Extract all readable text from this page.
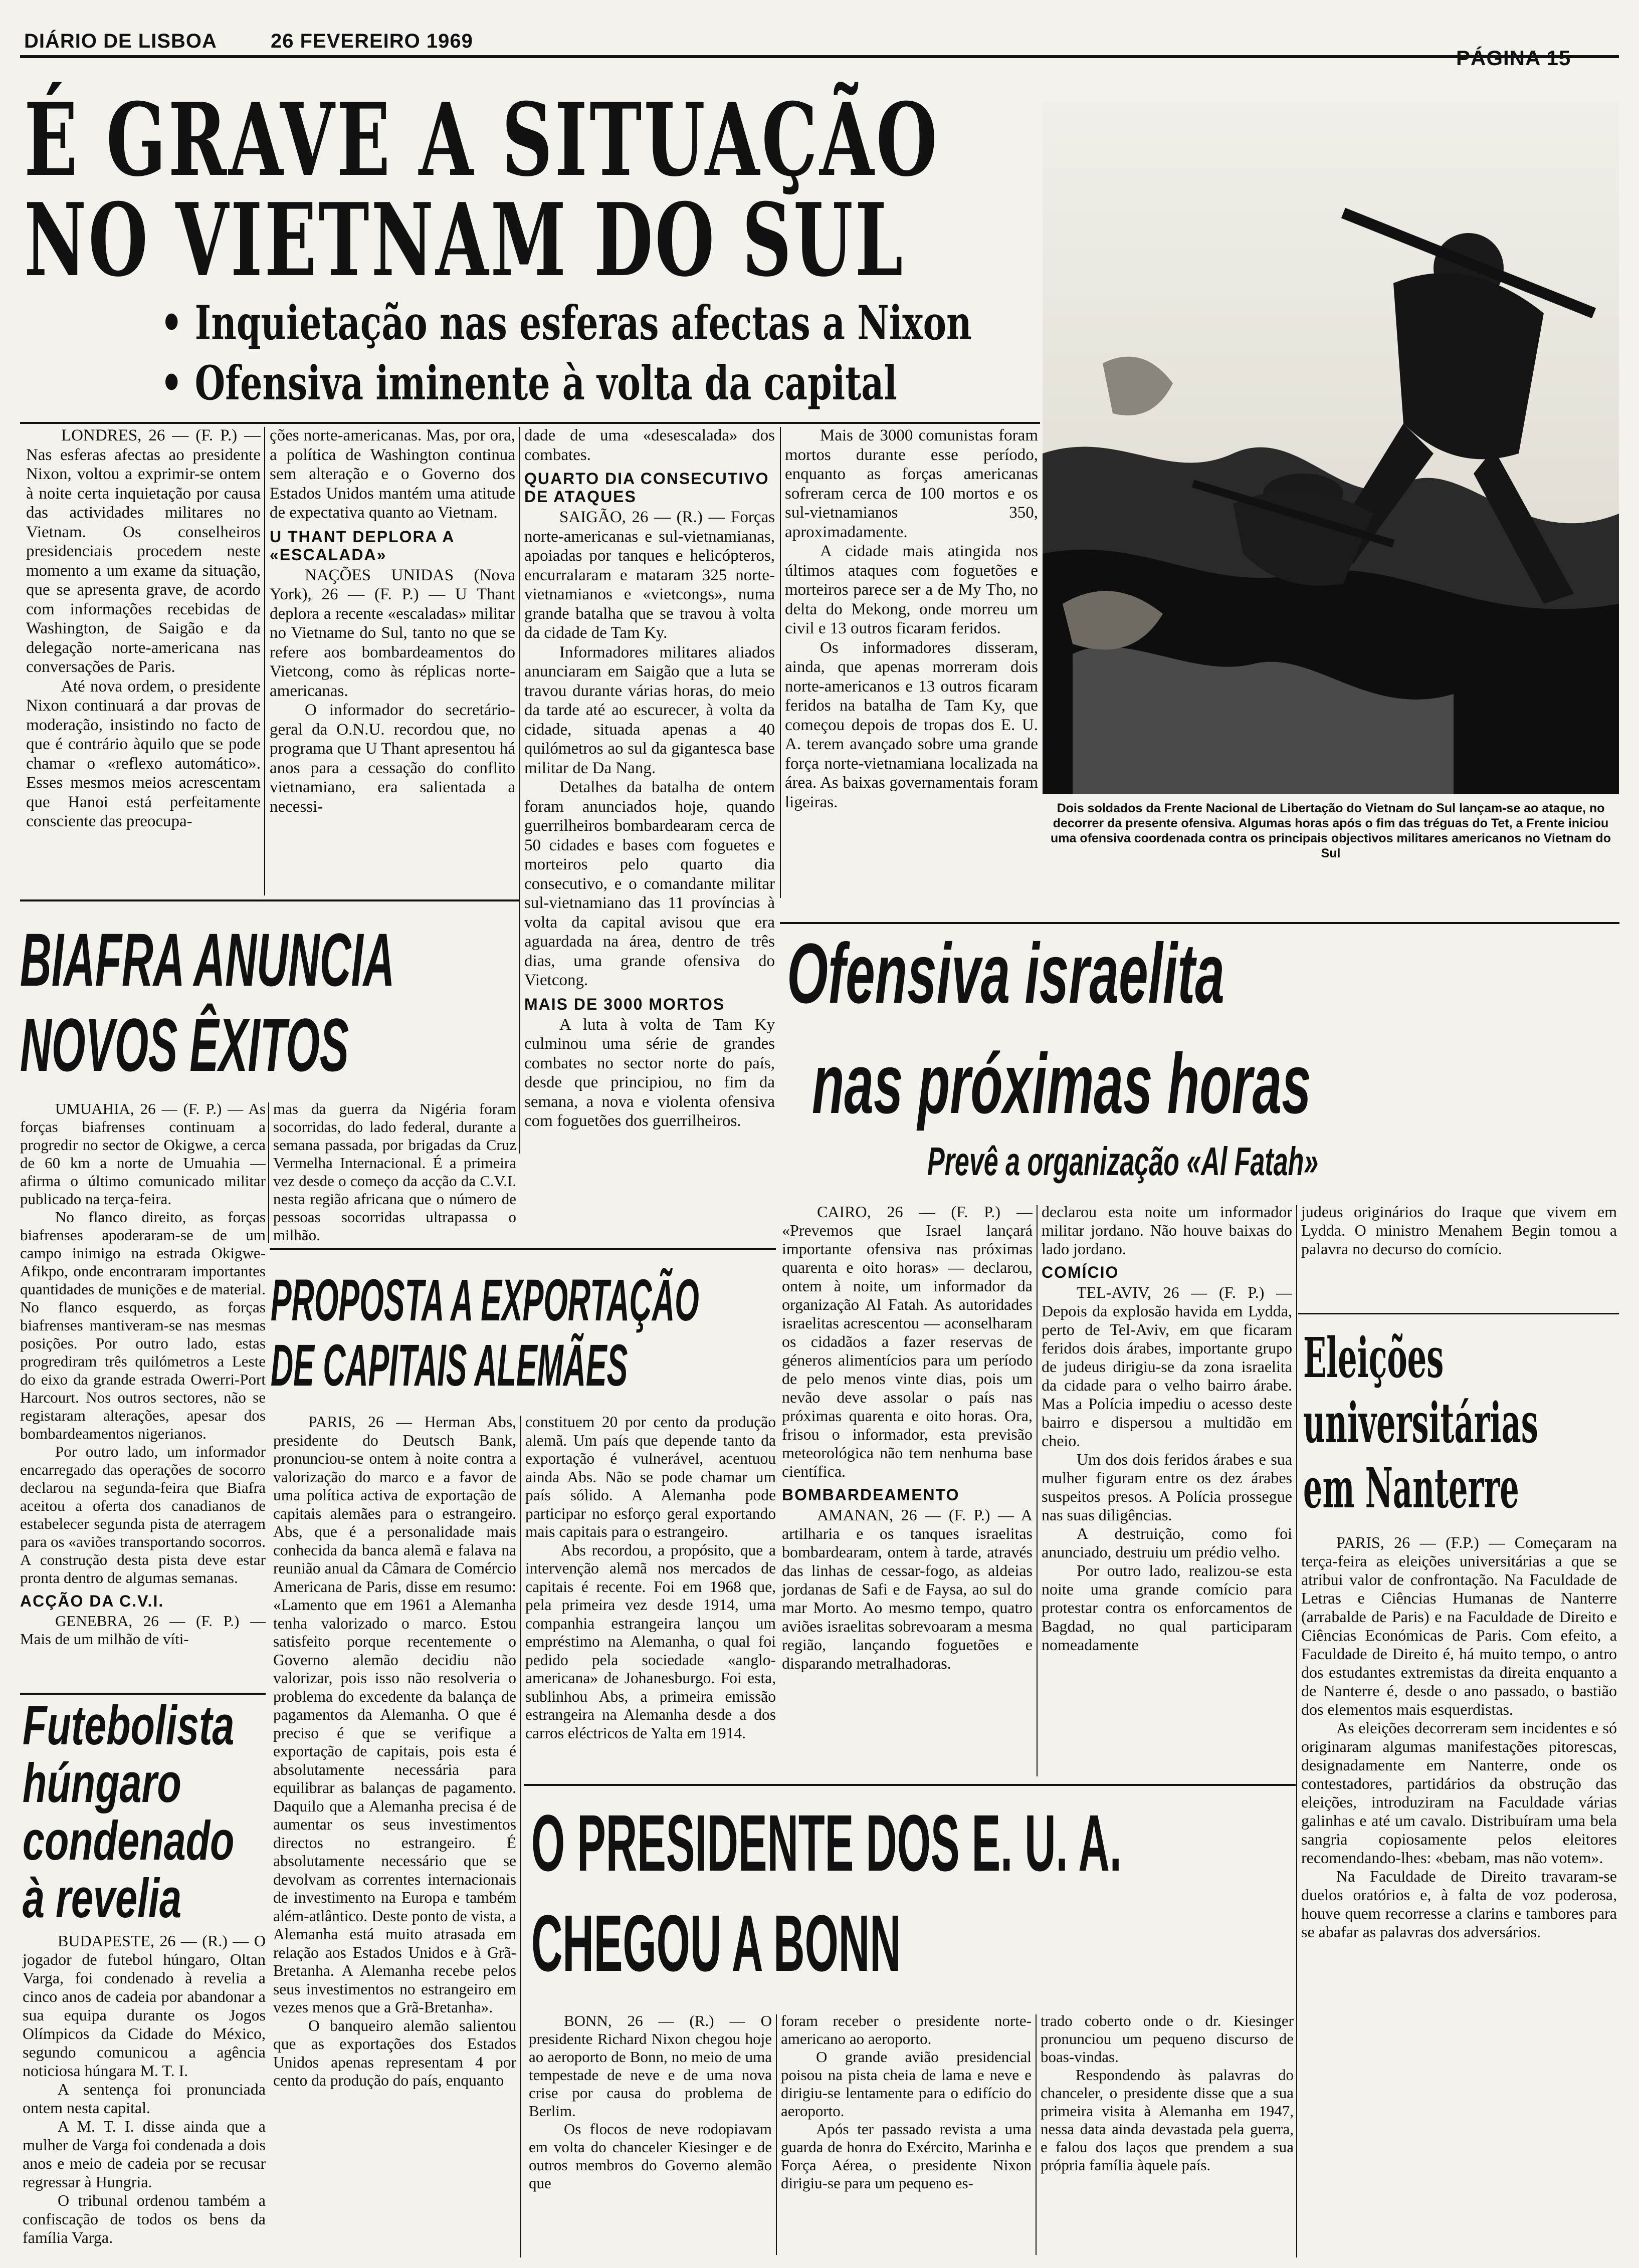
DIÁRIO DE LISBOA	26 FEVEREIRO 1969
É GRAVE A SITUAÇÃO
NO VIETNAM DO SUL
• Inquietação nas esferas afectas a Nixon
• Ofensiva iminente à volta da capital
Dois soldados da Frente Nacional de Libertação do Vietnam do Sul lançam-se ao ataque, no decorrer da presente ofensiva. Algumas horas após o fim das tréguas do Tet, a Frente iniciou uma ofensiva coordenada contra os principais objectivos militares americanos no Vietnam do Sul

LONDRES, 26 — (F. P.) — Nas esferas afectas ao presidente Nixon, voltou a exprimir-se ontem à noite certa inquietação por causa das actividades militares no Vietnam. Os conselheiros presidenciais procedem neste momento a um exame da situação, que se apresenta grave, de acordo com informações recebidas de Washington, de Saigão e da delegação norte-americana nas conversações de Paris.

Até nova ordem, o presidente Nixon continuará a dar provas de moderação, insistindo no facto de que é contrário àquilo que se pode chamar o «reflexo automático». Esses mesmos meios acrescentam que Hanoi está perfeitamente consciente das preocupa-

ções norte-americanas. Mas, por ora, a política de Washington continua sem alteração e o Governo dos Estados Unidos mantém uma atitude de expectativa quanto ao Vietnam.

U THANT DEPLORA A «ESCALADA»

NAÇÕES UNIDAS (Nova York), 26 — (F. P.) — U Thant deplora a recente «escaladas» militar no Vietname do Sul, tanto no que se refere aos bombardeamentos do Vietcong, como às réplicas norte-americanas.

O informador do secretário-geral da O.N.U. recordou que, no programa que U Thant apresentou há anos para a cessação do conflito vietnamiano, era salientada a necessi-

dade de uma «desescalada» dos combates.

QUARTO DIA CONSECUTIVO DE ATAQUES

SAIGÃO, 26 — (R.) — Forças norte-americanas e sul-vietnamianas, apoiadas por tanques e helicópteros, encurralaram e mataram 325 norte-vietnamianos e «vietcongs», numa grande batalha que se travou à volta da cidade de Tam Ky.

Informadores militares aliados anunciaram em Saigão que a luta se travou durante várias horas, do meio da tarde até ao escurecer, à volta da cidade, situada apenas a 40 quilómetros ao sul da gigantesca base militar de Da Nang.

Detalhes da batalha de ontem foram anunciados hoje, quando guerrilheiros bombardearam cerca de 50 cidades e bases com foguetes e morteiros pelo quarto dia consecutivo, e o comandante militar sul-vietnamiano das 11 províncias à volta da capital avisou que era aguardada na área, dentro de três dias, uma grande ofensiva do Vietcong.

MAIS DE 3000 MORTOS

A luta à volta de Tam Ky culminou uma série de grandes combates no sector norte do país, desde que principiou, no fim da semana, a nova e violenta ofensiva com foguetões dos guerrilheiros.

Mais de 3000 comunistas foram mortos durante esse período, enquanto as forças americanas sofreram cerca de 100 mortos e os sul-vietnamianos 350, aproximadamente.

A cidade mais atingida nos últimos ataques com foguetões e morteiros parece ser a de My Tho, no delta do Mekong, onde morreu um civil e 13 outros ficaram feridos.

Os informadores disseram, ainda, que apenas morreram dois norte-americanos e 13 outros ficaram feridos na batalha de Tam Ky, que começou depois de tropas dos E. U. A. terem avançado sobre uma grande força norte-vietnamiana localizada na área. As baixas governamentais foram ligeiras.

BIAFRA ANUNCIA
NOVOS ÊXITOS

UMUAHIA, 26 — (F. P.) — As forças biafrenses continuam a progredir no sector de Okigwe, a cerca de 60 km a norte de Umuahia — afirma o último comunicado militar publicado na terça-feira.

No flanco direito, as forças biafrenses apoderaram-se de um campo inimigo na estrada Okigwe-Afikpo, onde encontraram importantes quantidades de munições e de material. No flanco esquerdo, as forças biafrenses mantiveram-se nas mesmas posições. Por outro lado, estas progrediram três quilómetros a Leste do eixo da grande estrada Owerri-Port Harcourt. Nos outros sectores, não se registaram alterações, apesar dos bombardeamentos nigerianos.

Por outro lado, um informador encarregado das operações de socorro declarou na segunda-feira que Biafra aceitou a oferta dos canadianos de estabelecer segunda pista de aterragem para os «aviões transportando socorros. A construção desta pista deve estar pronta dentro de algumas semanas.

ACÇÃO DA C.V.I.

GENEBRA, 26 — (F. P.) — Mais de um milhão de víti-

mas da guerra da Nigéria foram socorridas, do lado federal, durante a semana passada, por brigadas da Cruz Vermelha Internacional. É a primeira vez desde o começo da acção da C.V.I. nesta região africana que o número de pessoas socorridas ultrapassa o milhão.

Futebolista
húngaro
condenado
à revelia

BUDAPESTE, 26 — (R.) — O jogador de futebol húngaro, Oltan Varga, foi condenado à revelia a cinco anos de cadeia por abandonar a sua equipa durante os Jogos Olímpicos da Cidade do México, segundo comunicou a agência noticiosa húngara M. T. I.

A sentença foi pronunciada ontem nesta capital.

A M. T. I. disse ainda que a mulher de Varga foi condenada a dois anos e meio de cadeia por se recusar regressar à Hungria.

O tribunal ordenou também a confiscação de todos os bens da família Varga.

PROPOSTA A EXPORTAÇÃO
DE CAPITAIS ALEMÃES

PARIS, 26 — Herman Abs, presidente do Deutsch Bank, pronunciou-se ontem à noite contra a valorização do marco e a favor de uma política activa de exportação de capitais alemães para o estrangeiro. Abs, que é a personalidade mais conhecida da banca alemã e falava na reunião anual da Câmara de Comércio Americana de Paris, disse em resumo: «Lamento que em 1961 a Alemanha tenha valorizado o marco. Estou satisfeito porque recentemente o Governo alemão decidiu não valorizar, pois isso não resolveria o problema do excedente da balança de pagamentos da Alemanha. O que é preciso é que se verifique a exportação de capitais, pois esta é absolutamente necessária para equilibrar as balanças de pagamento. Daquilo que a Alemanha precisa é de aumentar os seus investimentos directos no estrangeiro. É absolutamente necessário que se devolvam as correntes internacionais de investimento na Europa e também além-atlântico. Deste ponto de vista, a Alemanha está muito atrasada em relação aos Estados Unidos e à Grã-Bretanha. A Alemanha recebe pelos seus investimentos no estrangeiro em vezes menos que a Grã-Bretanha».

O banqueiro alemão salientou que as exportações dos Estados Unidos apenas representam 4 por cento da produção do país, enquanto

constituem 20 por cento da produção alemã. Um país que depende tanto da exportação é vulnerável, acentuou ainda Abs. Não se pode chamar um país sólido. A Alemanha pode participar no esforço geral exportando mais capitais para o estrangeiro.

Abs recordou, a propósito, que a intervenção alemã nos mercados de capitais é recente. Foi em 1968 que, pela primeira vez desde 1914, uma companhia estrangeira lançou um empréstimo na Alemanha, o qual foi pedido pela sociedade «anglo-americana» de Johanesburgo. Foi esta, sublinhou Abs, a primeira emissão estrangeira na Alemanha desde a dos carros eléctricos de Yalta em 1914.

Ofensiva israelita
nas próximas horas
Prevê a organização «Al Fatah»

CAIRO, 26 — (F. P.) — «Prevemos que Israel lançará importante ofensiva nas próximas quarenta e oito horas» — declarou, ontem à noite, um informador da organização Al Fatah. As autoridades israelitas acrescentou — aconselharam os cidadãos a fazer reservas de géneros alimentícios para um período de pelo menos vinte dias, pois um nevão deve assolar o país nas próximas quarenta e oito horas. Ora, frisou o informador, esta previsão meteorológica não tem nenhuma base científica.

BOMBARDEAMENTO

AMANAN, 26 — (F. P.) — A artilharia e os tanques israelitas bombardearam, ontem à tarde, através das linhas de cessar-fogo, as aldeias jordanas de Safi e de Faysa, ao sul do mar Morto. Ao mesmo tempo, quatro aviões israelitas sobrevoaram a mesma região, lançando foguetões e disparando metralhadoras.

declarou esta noite um informador militar jordano. Não houve baixas do lado jordano.

COMÍCIO

TEL-AVIV, 26 — (F. P.) — Depois da explosão havida em Lydda, perto de Tel-Aviv, em que ficaram feridos dois árabes, importante grupo de judeus dirigiu-se da zona israelita da cidade para o velho bairro árabe. Mas a Polícia impediu o acesso deste bairro e dispersou a multidão em cheio.

Um dos dois feridos árabes e sua mulher figuram entre os dez árabes suspeitos presos. A Polícia prossegue nas suas diligências.

A destruição, como foi anunciado, destruiu um prédio velho.

Por outro lado, realizou-se esta noite uma grande comício para protestar contra os enforcamentos de Bagdad, no qual participaram nomeadamente

judeus originários do Iraque que vivem em Lydda. O ministro Menahem Begin tomou a palavra no decurso do comício.

Eleições
universitárias
em Nanterre

PARIS, 26 — (F.P.) — Começaram na terça-feira as eleições universitárias a que se atribui valor de confrontação. Na Faculdade de Letras e Ciências Humanas de Nanterre (arrabalde de Paris) e na Faculdade de Direito e Ciências Económicas de Paris. Com efeito, a Faculdade de Direito é, há muito tempo, o antro dos estudantes extremistas da direita enquanto a de Nanterre é, desde o ano passado, o bastião dos elementos mais esquerdistas.

As eleições decorreram sem incidentes e só originaram algumas manifestações pitorescas, designadamente em Nanterre, onde os contestadores, partidários da obstrução das eleições, introduziram na Faculdade várias galinhas e até um cavalo. Distribuíram uma bela sangria copiosamente pelos eleitores recomendando-lhes: «bebam, mas não votem».

Na Faculdade de Direito travaram-se duelos oratórios e, à falta de voz poderosa, houve quem recorresse a clarins e tambores para se abafar as palavras dos adversários.

O PRESIDENTE DOS E. U. A.
CHEGOU A BONN

BONN, 26 — (R.) — O presidente Richard Nixon chegou hoje ao aeroporto de Bonn, no meio de uma tempestade de neve e de uma nova crise por causa do problema de Berlim.

Os flocos de neve rodopiavam em volta do chanceler Kiesinger e de outros membros do Governo alemão que

foram receber o presidente norte-americano ao aeroporto.

O grande avião presidencial poisou na pista cheia de lama e neve e dirigiu-se lentamente para o edifício do aeroporto.

Após ter passado revista a uma guarda de honra do Exército, Marinha e Força Aérea, o presidente Nixon dirigiu-se para um pequeno es-

trado coberto onde o dr. Kiesinger pronunciou um pequeno discurso de boas-vindas.

Respondendo às palavras do chanceler, o presidente disse que a sua primeira visita à Alemanha em 1947, nessa data ainda devastada pela guerra, e falou dos laços que prendem a sua própria família àquele país.
